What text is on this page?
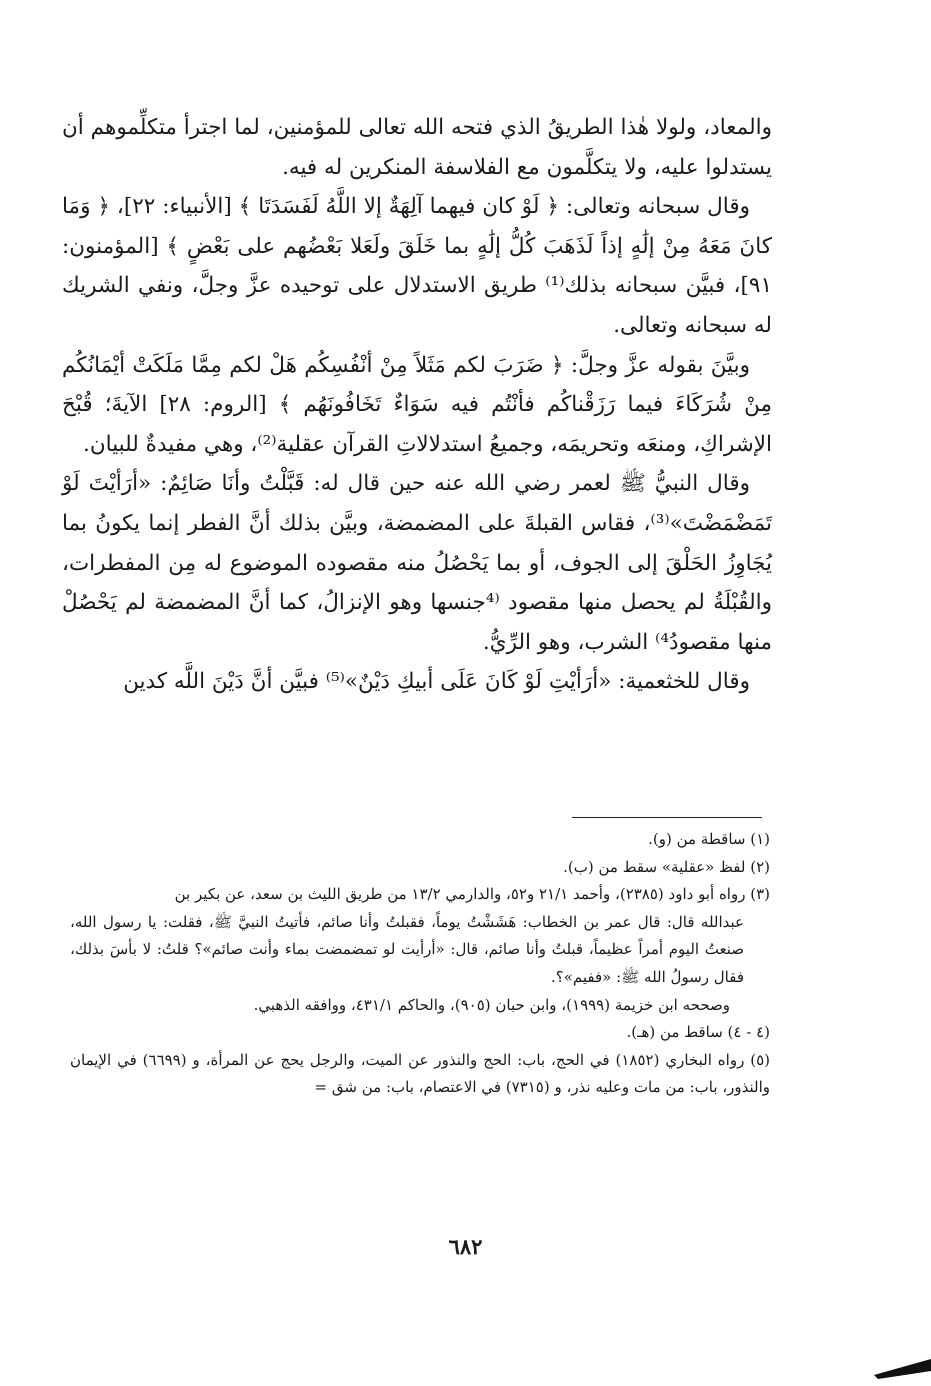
والمعاد، ولولا هٰذا الطريقُ الذي فتحه الله تعالى للمؤمنين، لما اجترأ متكلِّموهم أن يستدلوا عليه، ولا يتكلَّمون مع الفلاسفة المنكرين له فيه.

وقال سبحانه وتعالى: ﴿ لَوْ كان فيهما آلِهَةٌ إلا اللَّهُ لَفَسَدَتَا ﴾ [الأنبياء: ٢٢]، ﴿ وَمَا كانَ مَعَهُ مِنْ إلَٰهٍ إذاً لَذَهَبَ كُلُّ إلَٰهٍ بما خَلَقَ ولَعَلا بَعْضُهم على بَعْضٍ ﴾ [المؤمنون: ٩١]، فبيَّن سبحانه بذلك⁽¹⁾ طريق الاستدلال على توحيده عزَّ وجلَّ، ونفي الشريك له سبحانه وتعالى.

وبيَّنَ بقوله عزَّ وجلَّ: ﴿ ضَرَبَ لكم مَثَلاً مِنْ أنْفُسِكُم هَلْ لكم مِمَّا مَلَكَتْ أيْمَانُكُم مِنْ شُرَكَاءَ فيما رَزَقْناكُم فأنْتُم فيه سَوَاءٌ تَخَافُونَهُم ﴾ [الروم: ٢٨] الآيةَ؛ قُبْحَ الإشراكِ، ومنعَه وتحريمَه، وجميعُ استدلالاتِ القرآن عقلية⁽²⁾، وهي مفيدةٌ للبيان.

وقال النبيُّ ﷺ لعمر رضي الله عنه حين قال له: قَبَّلْتُ وأنَا صَائِمٌ: «أرَأيْتَ لَوْ تَمَضْمَضْتَ»⁽³⁾، فقاس القبلةَ على المضمضة، وبيَّن بذلك أنَّ الفطر إنما يكونُ بما يُجَاوِزُ الحَلْقَ إلى الجوف، أو بما يَحْصُلُ منه مقصوده الموضوع له مِن المفطرات، والقُبْلَةُ لم يحصل منها مقصود ⁽⁴جنسها وهو الإنزالُ، كما أنَّ المضمضة لم يَحْصُلْ منها مقصودُ⁴⁾ الشرب، وهو الرِّيُّ.

وقال للخثعمية: «أرَأيْتِ لَوْ كَانَ عَلَى أبيكِ دَيْنٌ»⁽⁵⁾ فبيَّن أنَّ دَيْنَ اللَّه كدين

(١) ساقطة من (و).

(٢) لفظ «عقلية» سقط من (ب).

(٣) رواه أبو داود (٢٣٨٥)، وأحمد ٢١/١ و٥٢، والدارمي ١٣/٢ من طريق الليث بن سعد، عن بكير بن

عبدالله قال: قال عمر بن الخطاب: هَشَشْتُ يوماً، فقبلتُ وأنا صائم، فأتيتُ النبيَّ ﷺ، فقلت: يا رسول الله، صنعتُ اليوم أمراً عظيماً، قبلتُ وأنا صائم، قال: «أرأيت لو تمضمضت بماء وأنت صائم»؟ قلتُ: لا بأسَ بذلك، فقال رسولُ الله ﷺ: «ففيم»؟.

وصححه ابن خزيمة (١٩٩٩)، وابن حبان (٩٠٥)، والحاكم ٤٣١/١، ووافقه الذهبي.

(٤ - ٤) ساقط من (هـ).

(٥) رواه البخاري (١٨٥٢) في الحج، باب: الحج والنذور عن الميت، والرجل يحج عن المرأة، و (٦٦٩٩) في الإيمان والنذور، باب: من مات وعليه نذر، و (٧٣١٥) في الاعتصام، باب: من شق =

٦٨٢
